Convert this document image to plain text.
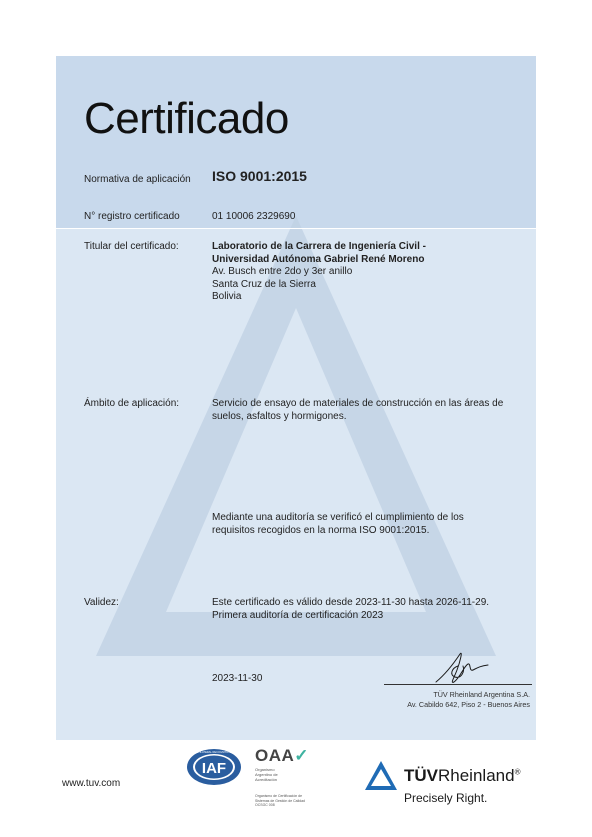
Certificado
Normativa de aplicación ISO 9001:2015
N° registro certificado	01 10006 2329690
Titular del certificado:	Laboratorio de la Carrera de Ingeniería Civil -
Universidad Autónoma Gabriel René Moreno
Av. Busch entre 2do y 3er anillo
Santa Cruz de la Sierra
Bolivia
Ámbito de aplicación:	Servicio de ensayo de materiales de construcción en las áreas de
suelos, asfaltos y hormigones.
Mediante una auditoría se verificó el cumplimiento de los
requisitos recogidos en la norma ISO 9001:2015.
Validez:	Este certificado es válido desde 2023-11-30 hasta 2026-11-29.
Primera auditoría de certificación 2023
2023-11-30
TÜV Rheinland Argentina S.A.
Av. Cabildo 642, Piso 2 - Buenos Aires
www.tuv.com
IAF
MEMBER OF MULTILATERAL RECOGNITION ARRANGEMENT OAA✓
Organismo
Argentino de
Acreditación
Organismo de Certificación de
Sistemas de Gestión de Calidad
OCSGC 008
TÜVRheinland®
Precisely Right.
